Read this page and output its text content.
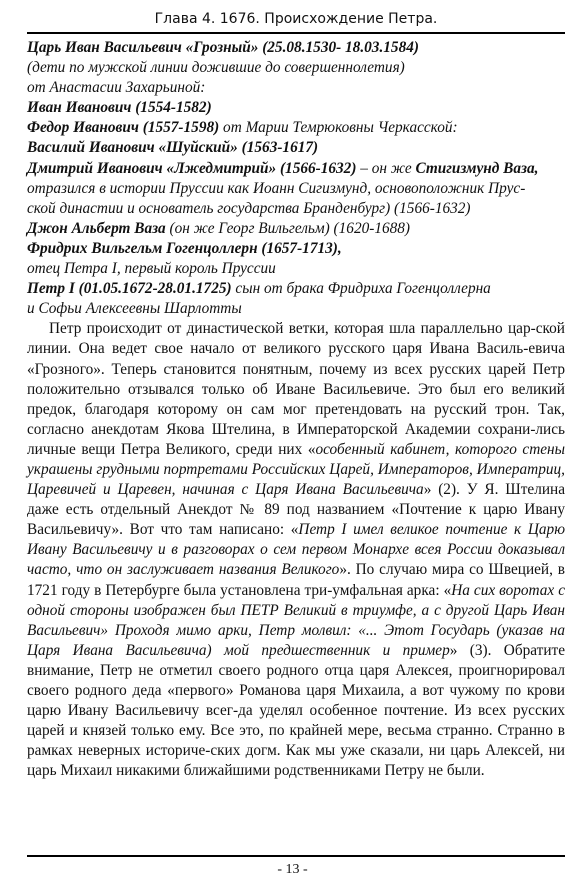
Глава 4. 1676. Происхождение Петра.
Царь Иван Васильевич «Грозный» (25.08.1530- 18.03.1584)
(дети по мужской линии дожившие до совершеннолетия)
от Анастасии Захарьиной:
Иван Иванович (1554-1582)
Федор Иванович (1557-1598) от Марии Темрюковны Черкасской:
Василий Иванович «Шуйский» (1563-1617)
Дмитрий Иванович «Лжедмитрий» (1566-1632) – он же Стигизмунд Ваза,
отразился в истории Пруссии как Иоанн Сигизмунд, основоположник Прус-
ской династии и основатель государства Бранденбург) (1566-1632)
Джон Альберт Ваза (он же Георг Вильгельм) (1620-1688)
Фридрих Вильгельм Гогенцоллерн (1657-1713),
отец Петра I, первый король Пруссии
Петр I (01.05.1672-28.01.1725) сын от брака Фридриха Гогенцоллерна
и Софьи Алексеевны Шарлотты

Петр происходит от династической ветки, которая шла параллельно цар-ской линии. Она ведет свое начало от великого русского царя Ивана Василь-евича «Грозного». Теперь становится понятным, почему из всех русских царей Петр положительно отзывался только об Иване Васильевиче. Это был его великий предок, благодаря которому он сам мог претендовать на русский трон. Так, согласно анекдотам Якова Штелина, в Императорской Академии сохрани-лись личные вещи Петра Великого, среди них «особенный кабинет, которого стены украшены грудными портретами Российских Царей, Императоров, Императриц, Царевичей и Царевен, начиная с Царя Ивана Васильевича» (2). У Я. Штелина даже есть отдельный Анекдот № 89 под названием «Почтение к царю Ивану Васильевичу». Вот что там написано: «Петр I имел великое почтение к Царю Ивану Васильевичу и в разговорах о сем первом Монархе всея России доказывал часто, что он заслуживает названия Великого». По случаю мира со Швецией, в 1721 году в Петербурге была установлена три-умфальная арка: «На сих воротах с одной стороны изображен был ПЕТР Великий в триумфе, а с другой Царь Иван Васильевич» Проходя мимо арки, Петр молвил: «... Этот Государь (указав на Царя Ивана Васильевича) мой предшественник и пример» (3). Обратите внимание, Петр не отметил своего родного отца царя Алексея, проигнорировал своего родного деда «первого» Романова царя Михаила, а вот чужому по крови царю Ивану Васильевичу всег-да уделял особенное почтение. Из всех русских царей и князей только ему. Все это, по крайней мере, весьма странно. Странно в рамках неверных историче-ских догм. Как мы уже сказали, ни царь Алексей, ни царь Михаил никакими ближайшими родственниками Петру не были.

- 13 -
